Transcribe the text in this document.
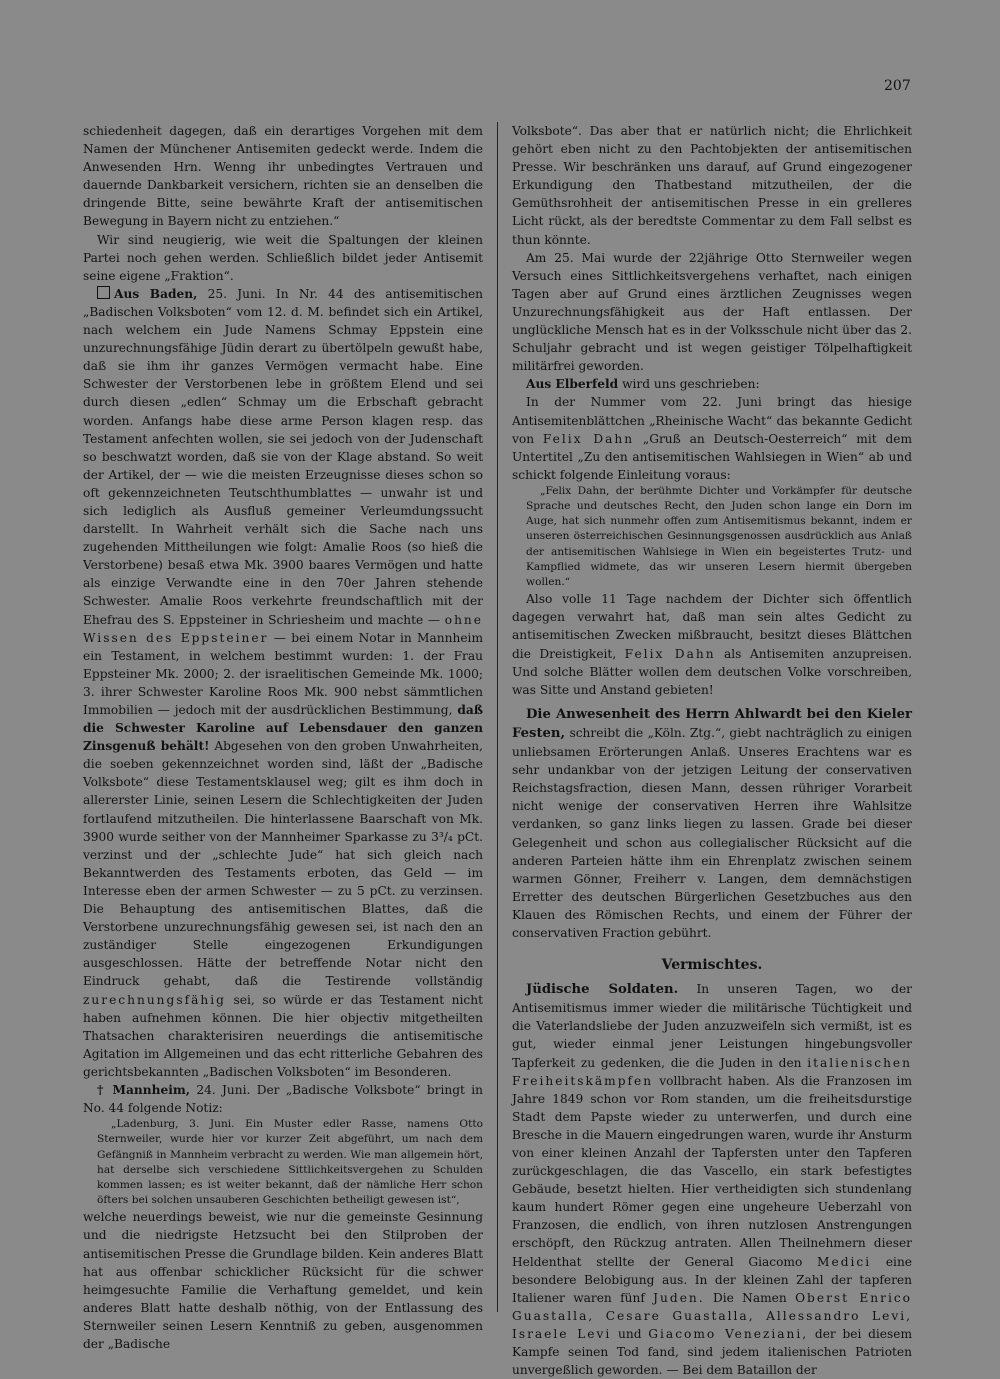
207

schiedenheit dagegen, daß ein derartiges Vorgehen mit dem Namen der Münchener Antisemiten gedeckt werde. Indem die Anwesenden Hrn. Wenng ihr unbedingtes Vertrauen und dauernde Dankbarkeit versichern, richten sie an denselben die dringende Bitte, seine bewährte Kraft der antisemitischen Bewegung in Bayern nicht zu entziehen.“

Wir sind neugierig, wie weit die Spaltungen der kleinen Partei noch gehen werden. Schließlich bildet jeder Antisemit seine eigene „Fraktion“.

Aus Baden, 25. Juni. In Nr. 44 des antisemitischen „Badischen Volksboten“ vom 12. d. M. befindet sich ein Artikel, nach welchem ein Jude Namens Schmay Eppstein eine unzurechnungsfähige Jüdin derart zu übertölpeln gewußt habe, daß sie ihm ihr ganzes Vermögen vermacht habe. Eine Schwester der Verstorbenen lebe in größtem Elend und sei durch diesen „edlen“ Schmay um die Erbschaft gebracht worden. Anfangs habe diese arme Person klagen resp. das Testament anfechten wollen, sie sei jedoch von der Judenschaft so beschwatzt worden, daß sie von der Klage abstand. So weit der Artikel, der — wie die meisten Erzeugnisse dieses schon so oft gekennzeichneten Teutschthumblattes — unwahr ist und sich lediglich als Ausfluß gemeiner Verleumdungssucht darstellt. In Wahrheit verhält sich die Sache nach uns zugehenden Mittheilungen wie folgt: Amalie Roos (so hieß die Verstorbene) besaß etwa Mk. 3900 baares Vermögen und hatte als einzige Verwandte eine in den 70er Jahren stehende Schwester. Amalie Roos verkehrte freundschaftlich mit der Ehefrau des S. Eppsteiner in Schriesheim und machte — ohne Wissen des Eppsteiner — bei einem Notar in Mannheim ein Testament, in welchem bestimmt wurden: 1. der Frau Eppsteiner Mk. 2000; 2. der israelitischen Gemeinde Mk. 1000; 3. ihrer Schwester Karoline Roos Mk. 900 nebst sämmtlichen Immobilien — jedoch mit der ausdrücklichen Bestimmung, daß die Schwester Karoline auf Lebensdauer den ganzen Zinsgenuß behält! Abgesehen von den groben Unwahrheiten, die soeben gekennzeichnet worden sind, läßt der „Badische Volksbote“ diese Testamentsklausel weg; gilt es ihm doch in allererster Linie, seinen Lesern die Schlechtigkeiten der Juden fortlaufend mitzutheilen. Die hinterlassene Baarschaft von Mk. 3900 wurde seither von der Mannheimer Sparkasse zu 3³/₄ pCt. verzinst und der „schlechte Jude“ hat sich gleich nach Bekanntwerden des Testaments erboten, das Geld — im Interesse eben der armen Schwester — zu 5 pCt. zu verzinsen. Die Behauptung des antisemitischen Blattes, daß die Verstorbene unzurechnungsfähig gewesen sei, ist nach den an zuständiger Stelle eingezogenen Erkundigungen ausgeschlossen. Hätte der betreffende Notar nicht den Eindruck gehabt, daß die Testirende vollständig zurechnungsfähig sei, so würde er das Testament nicht haben aufnehmen können. Die hier objectiv mitgetheilten Thatsachen charakterisiren neuerdings die antisemitische Agitation im Allgemeinen und das echt ritterliche Gebahren des gerichtsbekannten „Badischen Volksboten“ im Besonderen.

† Mannheim, 24. Juni. Der „Badische Volksbote“ bringt in No. 44 folgende Notiz:

„Ladenburg, 3. Juni. Ein Muster edler Rasse, namens Otto Sternweiler, wurde hier vor kurzer Zeit abgeführt, um nach dem Gefängniß in Mannheim verbracht zu werden. Wie man allgemein hört, hat derselbe sich verschiedene Sittlichkeitsvergehen zu Schulden kommen lassen; es ist weiter bekannt, daß der nämliche Herr schon öfters bei solchen unsauberen Geschichten betheiligt gewesen ist“,

welche neuerdings beweist, wie nur die gemeinste Gesinnung und die niedrigste Hetzsucht bei den Stilproben der antisemitischen Presse die Grundlage bilden. Kein anderes Blatt hat aus offenbar schicklicher Rücksicht für die schwer heimgesuchte Familie die Verhaftung gemeldet, und kein anderes Blatt hatte deshalb nöthig, von der Entlassung des Sternweiler seinen Lesern Kenntniß zu geben, ausgenommen der „Badische

Volksbote“. Das aber that er natürlich nicht; die Ehrlichkeit gehört eben nicht zu den Pachtobjekten der antisemitischen Presse. Wir beschränken uns darauf, auf Grund eingezogener Erkundigung den Thatbestand mitzutheilen, der die Gemüthsrohheit der antisemitischen Presse in ein grelleres Licht rückt, als der beredtste Commentar zu dem Fall selbst es thun könnte.

Am 25. Mai wurde der 22jährige Otto Sternweiler wegen Versuch eines Sittlichkeitsvergehens verhaftet, nach einigen Tagen aber auf Grund eines ärztlichen Zeugnisses wegen Unzurechnungsfähigkeit aus der Haft entlassen. Der unglückliche Mensch hat es in der Volksschule nicht über das 2. Schuljahr gebracht und ist wegen geistiger Tölpelhaftigkeit militärfrei geworden.

Aus Elberfeld wird uns geschrieben:

In der Nummer vom 22. Juni bringt das hiesige Antisemitenblättchen „Rheinische Wacht“ das bekannte Gedicht von Felix Dahn „Gruß an Deutsch-Oesterreich“ mit dem Untertitel „Zu den antisemitischen Wahlsiegen in Wien“ ab und schickt folgende Einleitung voraus:

„Felix Dahn, der berühmte Dichter und Vorkämpfer für deutsche Sprache und deutsches Recht, den Juden schon lange ein Dorn im Auge, hat sich nunmehr offen zum Antisemitismus bekannt, indem er unseren österreichischen Gesinnungsgenossen ausdrücklich aus Anlaß der antisemitischen Wahlsiege in Wien ein begeistertes Trutz- und Kampflied widmete, das wir unseren Lesern hiermit übergeben wollen.“

Also volle 11 Tage nachdem der Dichter sich öffentlich dagegen verwahrt hat, daß man sein altes Gedicht zu antisemitischen Zwecken mißbraucht, besitzt dieses Blättchen die Dreistigkeit, Felix Dahn als Antisemiten anzupreisen. Und solche Blätter wollen dem deutschen Volke vorschreiben, was Sitte und Anstand gebieten!

Die Anwesenheit des Herrn Ahlwardt bei den Kieler Festen, schreibt die „Köln. Ztg.“, giebt nachträglich zu einigen unliebsamen Erörterungen Anlaß. Unseres Erachtens war es sehr undankbar von der jetzigen Leitung der conservativen Reichstagsfraction, diesen Mann, dessen rühriger Vorarbeit nicht wenige der conservativen Herren ihre Wahlsitze verdanken, so ganz links liegen zu lassen. Grade bei dieser Gelegenheit und schon aus collegialischer Rücksicht auf die anderen Parteien hätte ihm ein Ehrenplatz zwischen seinem warmen Gönner, Freiherr v. Langen, dem demnächstigen Erretter des deutschen Bürgerlichen Gesetzbuches aus den Klauen des Römischen Rechts, und einem der Führer der conservativen Fraction gebührt.

Vermischtes.

Jüdische Soldaten. In unseren Tagen, wo der Antisemitismus immer wieder die militärische Tüchtigkeit und die Vaterlandsliebe der Juden anzuzweifeln sich vermißt, ist es gut, wieder einmal jener Leistungen hingebungsvoller Tapferkeit zu gedenken, die die Juden in den italienischen Freiheitskämpfen vollbracht haben. Als die Franzosen im Jahre 1849 schon vor Rom standen, um die freiheitsdurstige Stadt dem Papste wieder zu unterwerfen, und durch eine Bresche in die Mauern eingedrungen waren, wurde ihr Ansturm von einer kleinen Anzahl der Tapfersten unter den Tapferen zurückgeschlagen, die das Vascello, ein stark befestigtes Gebäude, besetzt hielten. Hier vertheidigten sich stundenlang kaum hundert Römer gegen eine ungeheure Ueberzahl von Franzosen, die endlich, von ihren nutzlosen Anstrengungen erschöpft, den Rückzug antraten. Allen Theilnehmern dieser Heldenthat stellte der General Giacomo Medici eine besondere Belobigung aus. In der kleinen Zahl der tapferen Italiener waren fünf Juden. Die Namen Oberst Enrico Guastalla, Cesare Guastalla, Allessandro Levi, Israele Levi und Giacomo Veneziani, der bei diesem Kampfe seinen Tod fand, sind jedem italienischen Patrioten unvergeßlich geworden. — Bei dem Bataillon der
